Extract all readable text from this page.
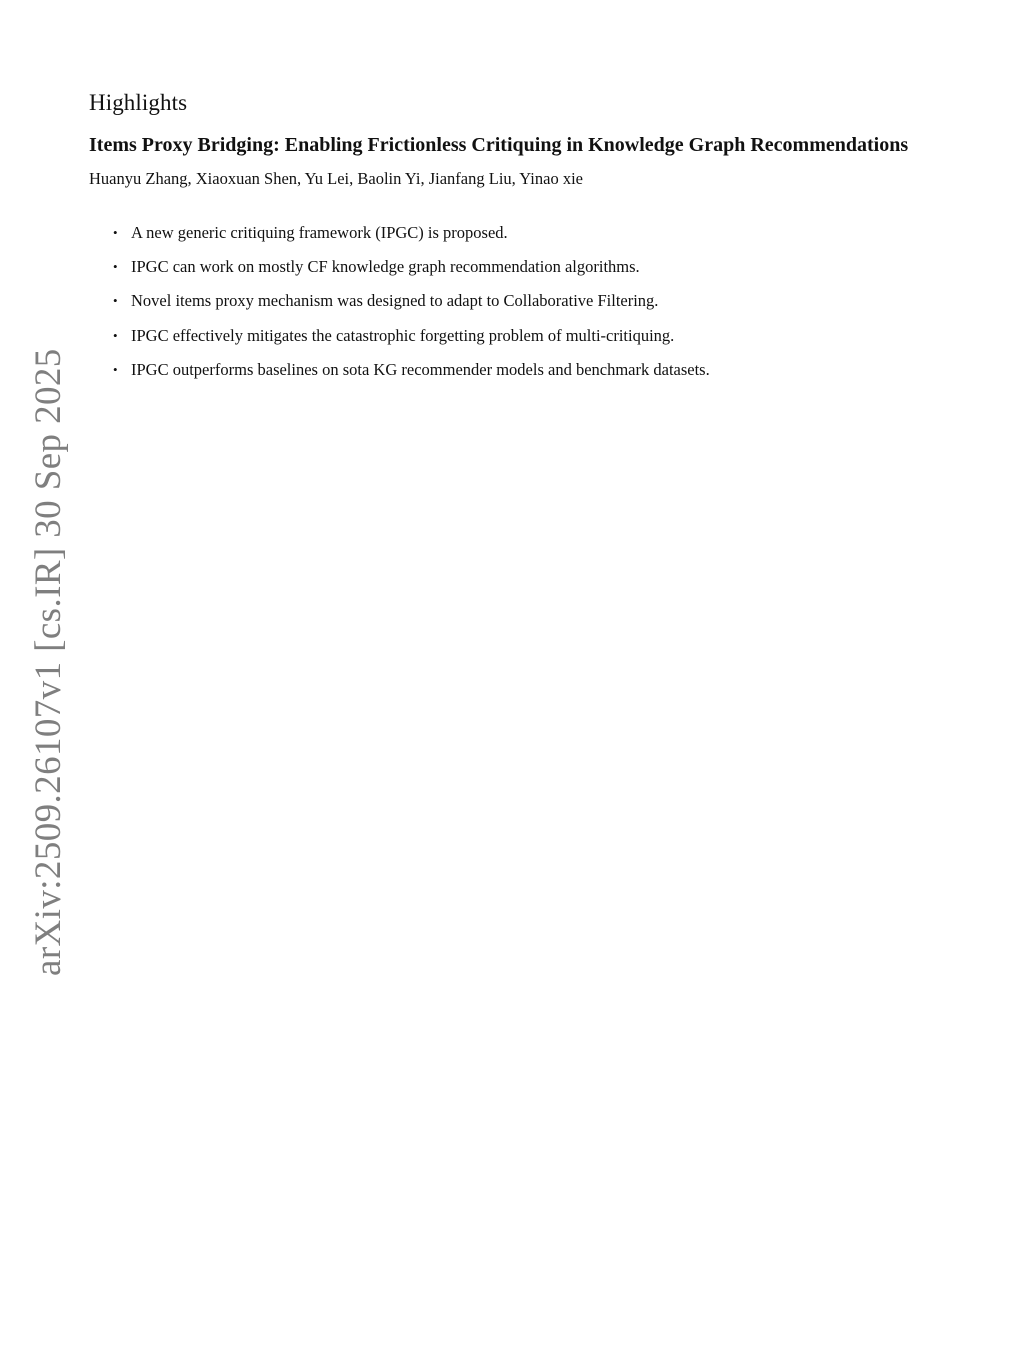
Highlights
Items Proxy Bridging: Enabling Frictionless Critiquing in Knowledge Graph Recommendations

Huanyu Zhang, Xiaoxuan Shen, Yu Lei, Baolin Yi, Jianfang Liu, Yinao xie

• A new generic critiquing framework (IPGC) is proposed.
• IPGC can work on mostly CF knowledge graph recommendation algorithms.
• Novel items proxy mechanism was designed to adapt to Collaborative Filtering.
• IPGC effectively mitigates the catastrophic forgetting problem of multi-critiquing.
• IPGC outperforms baselines on sota KG recommender models and benchmark datasets.
arXiv:2509.26107v1 [cs.IR] 30 Sep 2025
